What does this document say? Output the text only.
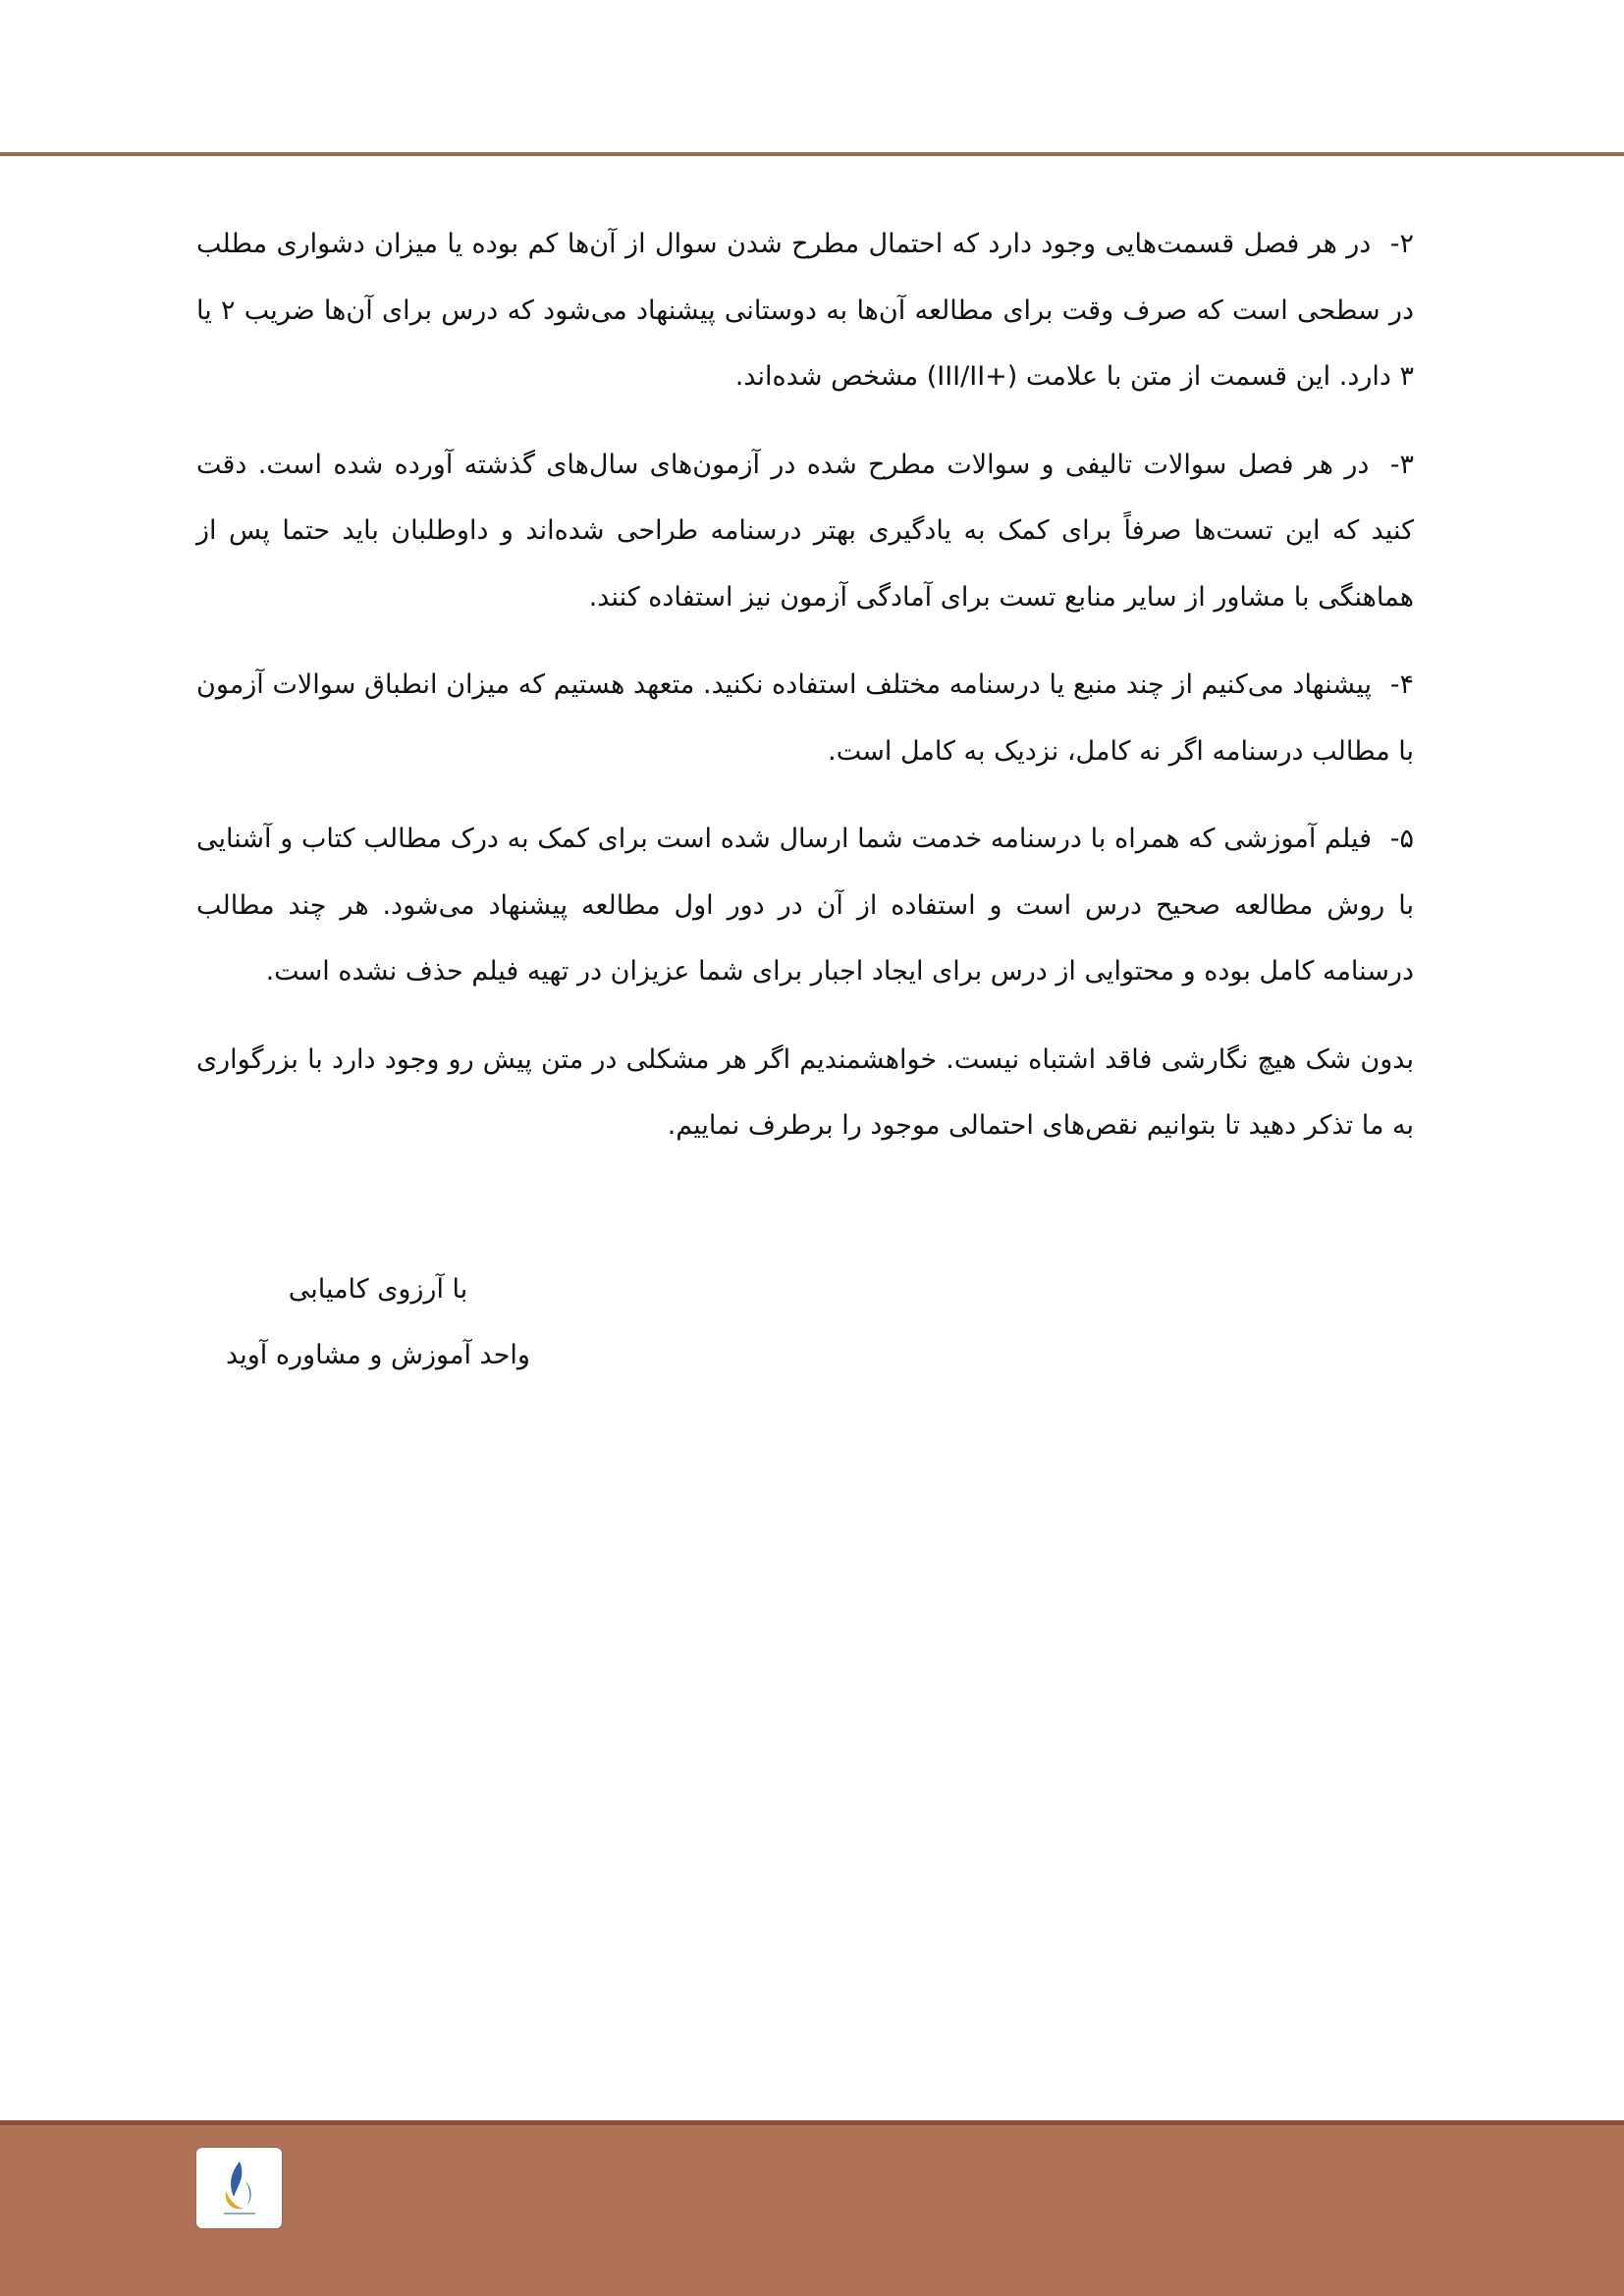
۲- در هر فصل قسمت‌هایی وجود دارد که احتمال مطرح شدن سوال از آن‌ها کم بوده یا میزان دشواری مطلب در سطحی است که صرف وقت برای مطالعه آن‌ها به دوستانی پیشنهاد می‌شود که درس برای آن‌ها ضریب ۲ یا ۳ دارد. این قسمت از متن با علامت (+III/II) مشخص شده‌اند.

۳- در هر فصل سوالات تالیفی و سوالات مطرح شده در آزمون‌های سال‌های گذشته آورده شده است. دقت کنید که این تست‌ها صرفاً برای کمک به یادگیری بهتر درسنامه طراحی شده‌اند و داوطلبان باید حتما پس از هماهنگی با مشاور از سایر منابع تست برای آمادگی آزمون نیز استفاده کنند.

۴- پیشنهاد می‌کنیم از چند منبع یا درسنامه مختلف استفاده نکنید. متعهد هستیم که میزان انطباق سوالات آزمون با مطالب درسنامه اگر نه کامل، نزدیک به کامل است.

۵- فیلم آموزشی که همراه با درسنامه خدمت شما ارسال شده است برای کمک به درک مطالب کتاب و آشنایی با روش مطالعه صحیح درس است و استفاده از آن در دور اول مطالعه پیشنهاد می‌شود. هر چند مطالب درسنامه کامل بوده و محتوایی از درس برای ایجاد اجبار برای شما عزیزان در تهیه فیلم حذف نشده است.

بدون شک هیچ نگارشی فاقد اشتباه نیست. خواهشمندیم اگر هر مشکلی در متن پیش رو وجود دارد با بزرگواری به ما تذکر دهید تا بتوانیم نقص‌های احتمالی موجود را برطرف نماییم.

با آرزوی کامیابی
واحد آموزش و مشاوره آوید
